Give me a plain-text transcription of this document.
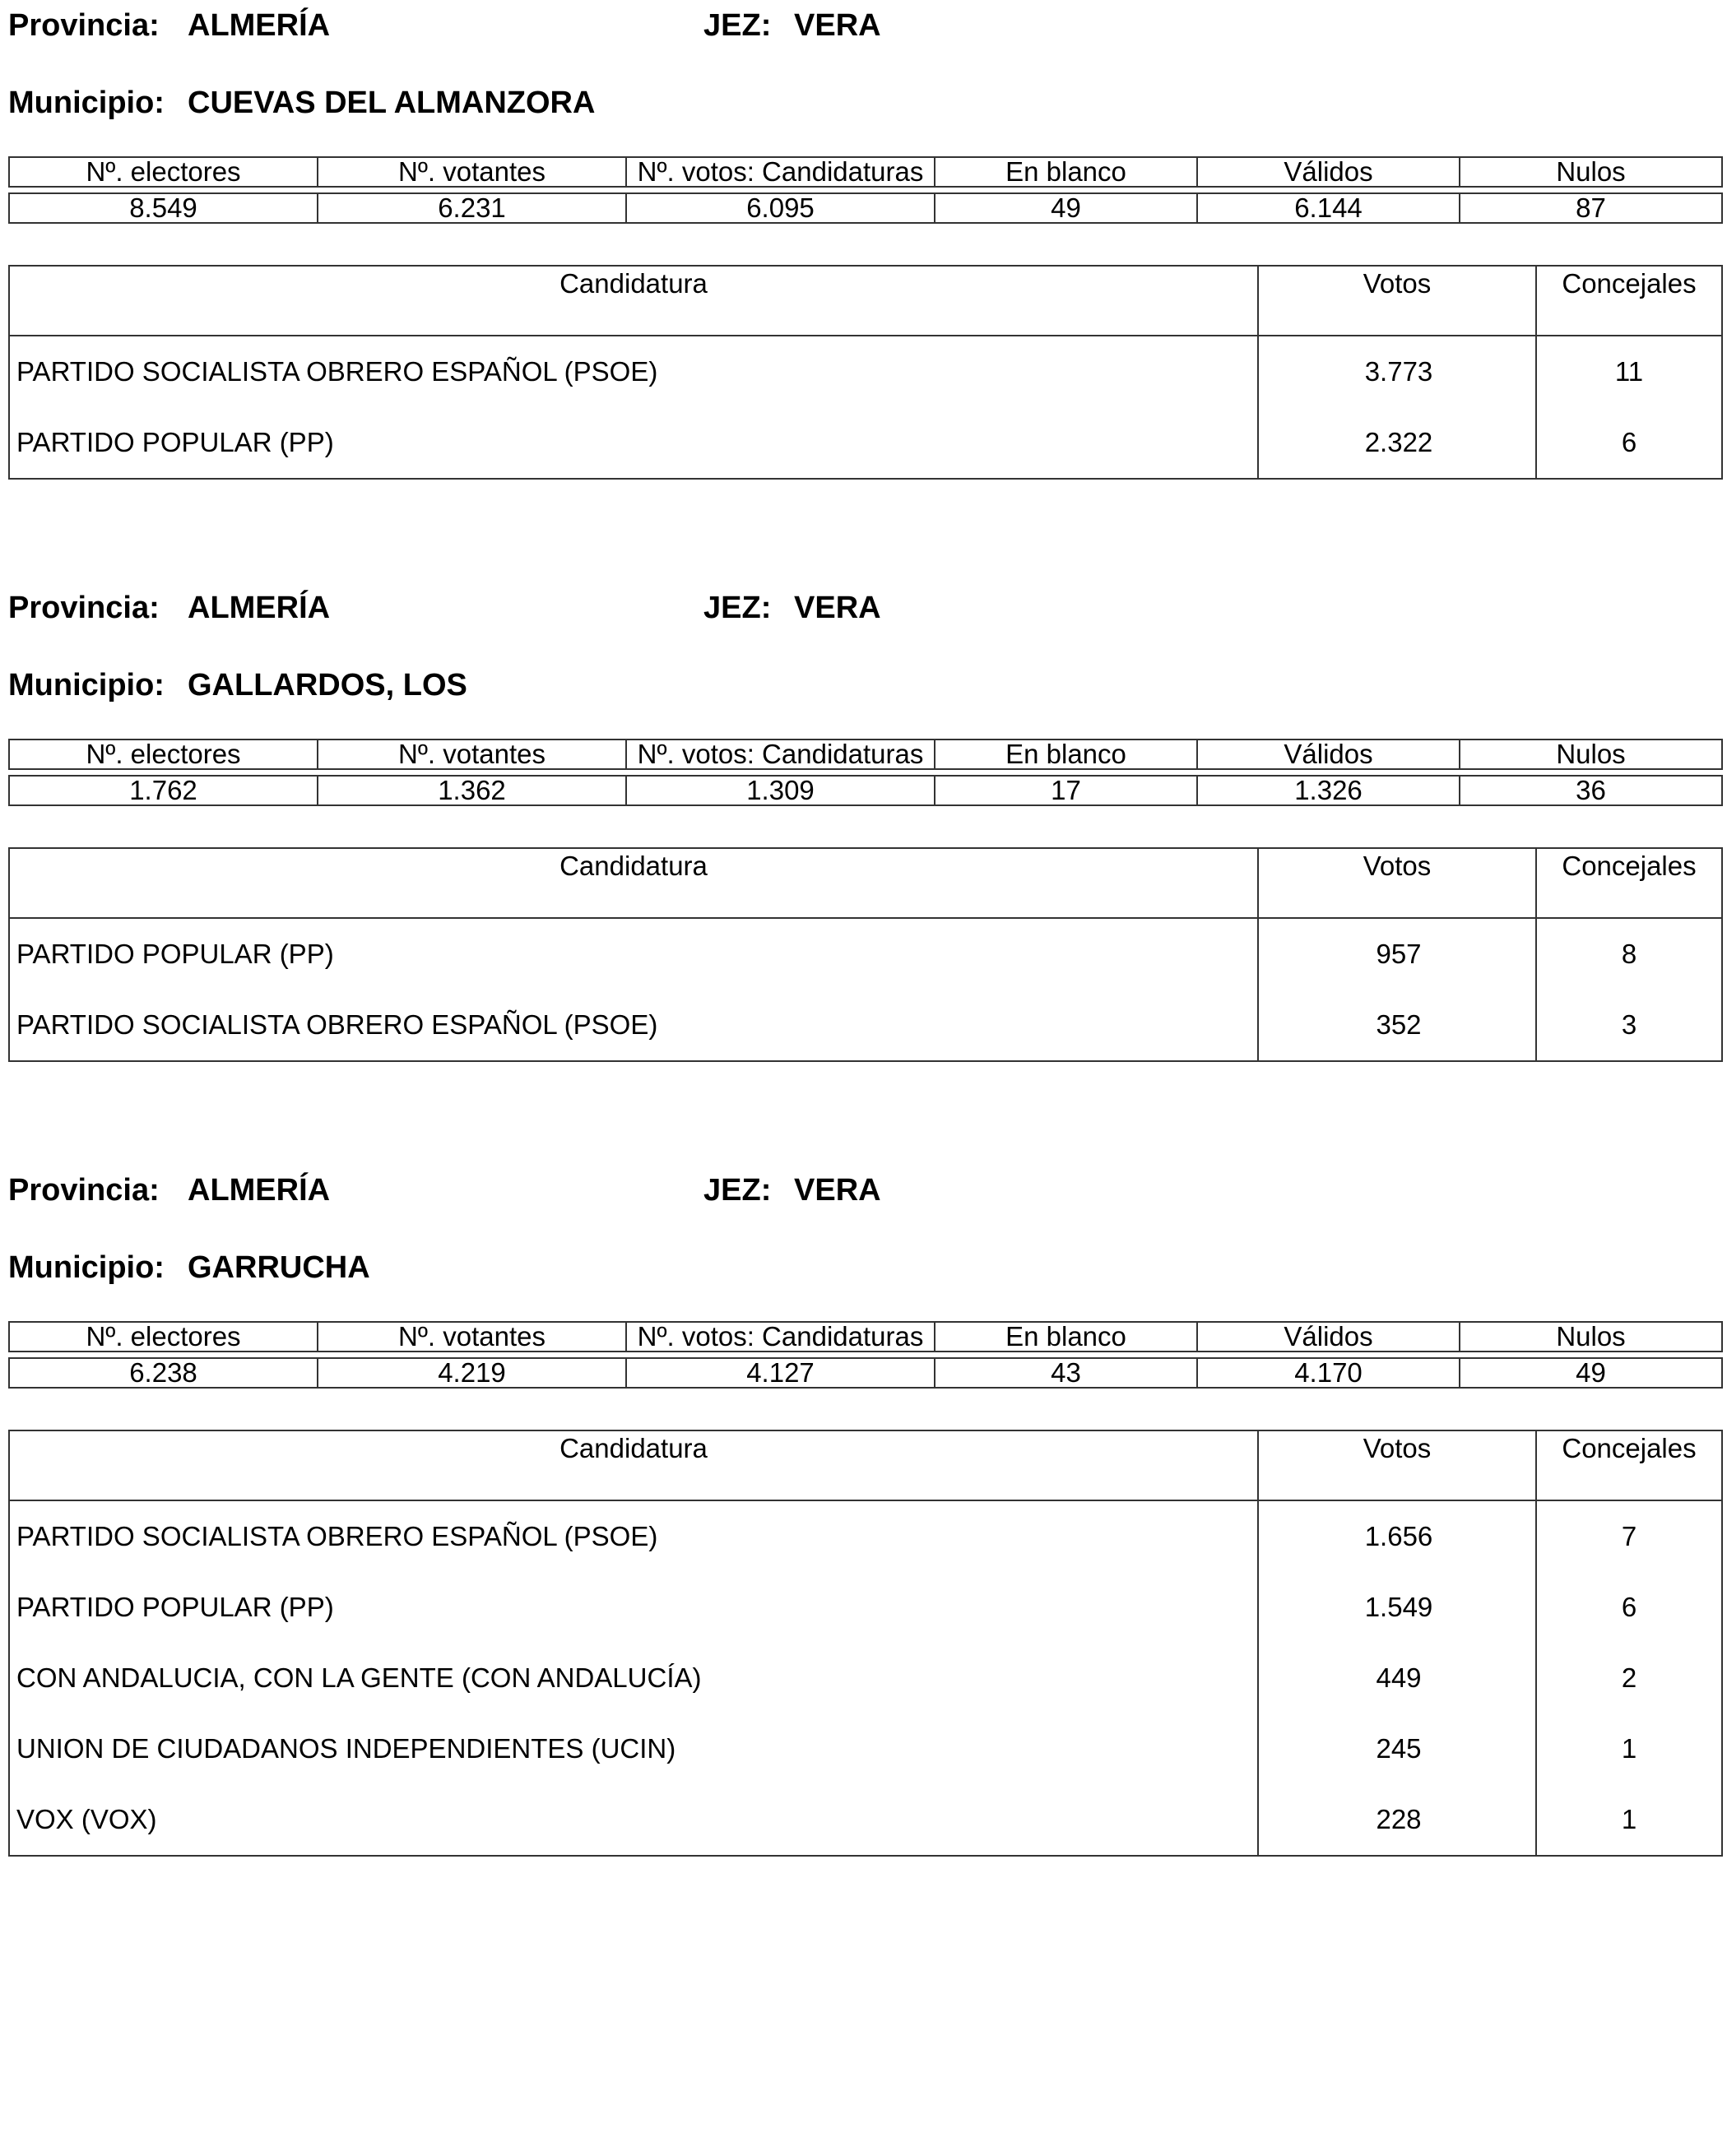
Provincia: ALMERÍA	JEZ: VERA
Municipio: CUEVAS DEL ALMANZORA
Nº. electores	Nº. votantes	Nº. votos: Candidaturas	En blanco	Válidos	Nulos

8.549	6.231	6.095	49	6.144	87
Candidatura	Votos	Concejales
PARTIDO SOCIALISTA OBRERO ESPAÑOL (PSOE)	3.773	11
PARTIDO POPULAR (PP)	2.322	6
Provincia: ALMERÍA	JEZ: VERA
Municipio: GALLARDOS, LOS
Nº. electores	Nº. votantes	Nº. votos: Candidaturas	En blanco	Válidos	Nulos

1.762	1.362	1.309	17	1.326	36
Candidatura	Votos	Concejales
PARTIDO POPULAR (PP)	957	8
PARTIDO SOCIALISTA OBRERO ESPAÑOL (PSOE)	352	3
Provincia: ALMERÍA	JEZ: VERA
Municipio: GARRUCHA
Nº. electores	Nº. votantes	Nº. votos: Candidaturas	En blanco	Válidos	Nulos

6.238	4.219	4.127	43	4.170	49
Candidatura	Votos	Concejales
PARTIDO SOCIALISTA OBRERO ESPAÑOL (PSOE)	1.656	7
PARTIDO POPULAR (PP)	1.549	6
CON ANDALUCIA, CON LA GENTE (CON ANDALUCÍA)	449	2
UNION DE CIUDADANOS INDEPENDIENTES (UCIN)	245	1
VOX (VOX)	228	1
